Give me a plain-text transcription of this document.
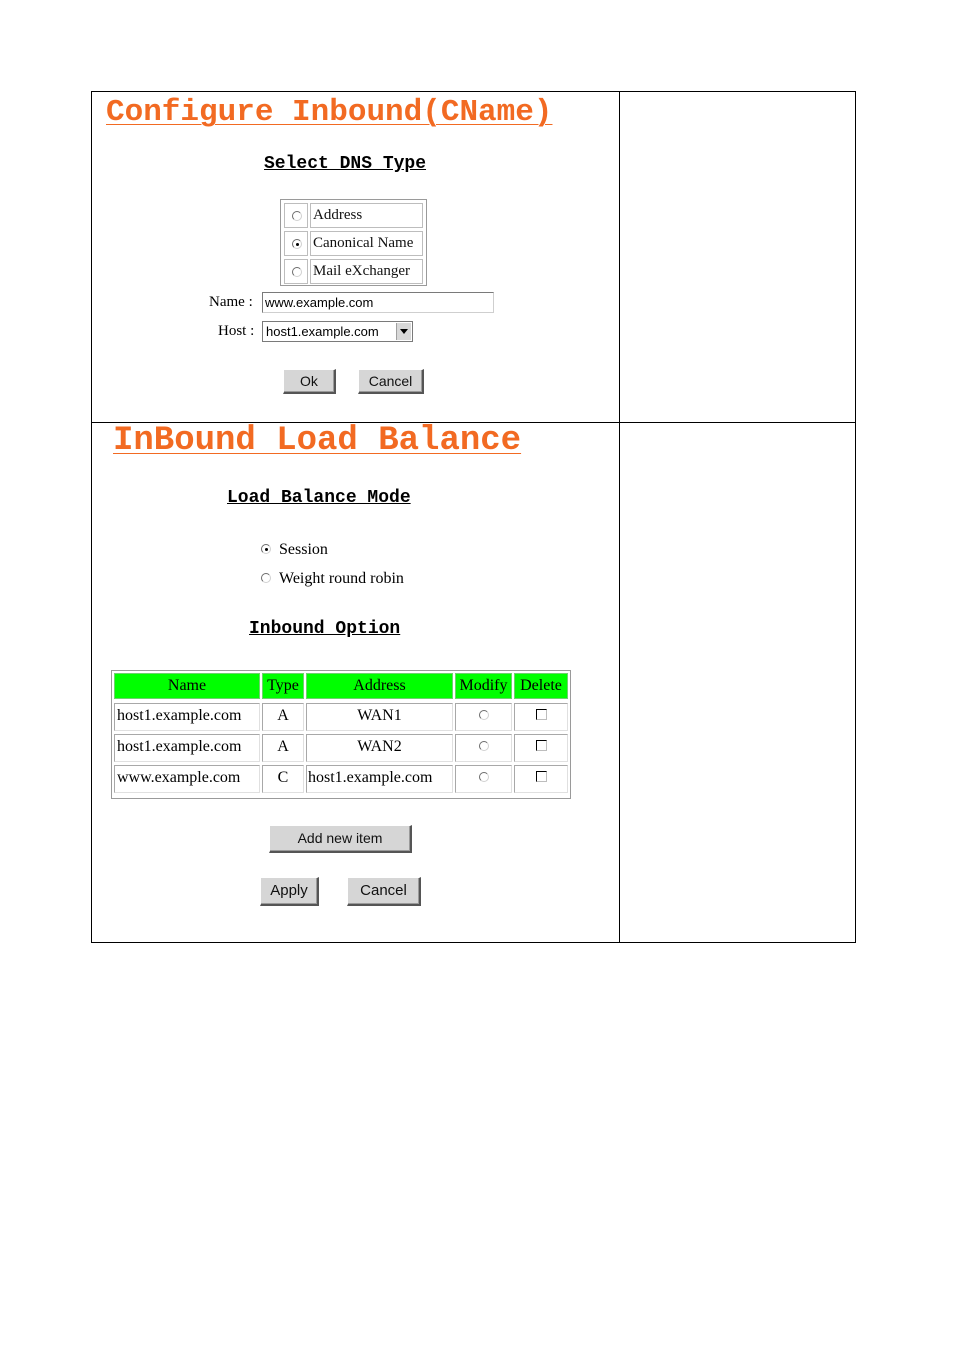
Configure Inbound(CName)
Select DNS Type
Address
Canonical Name
Mail eXchanger
Name : www.example.com
Host : host1.example.com
Ok	Cancel
InBound Load Balance
Load Balance Mode
Session
Weight round robin
Inbound Option
Name	Type	Address	Modify Delete
host1.example.com	A	WAN1
host1.example.com	A	WAN2
www.example.com	C	host1.example.com
Add new item
Apply	Cancel
